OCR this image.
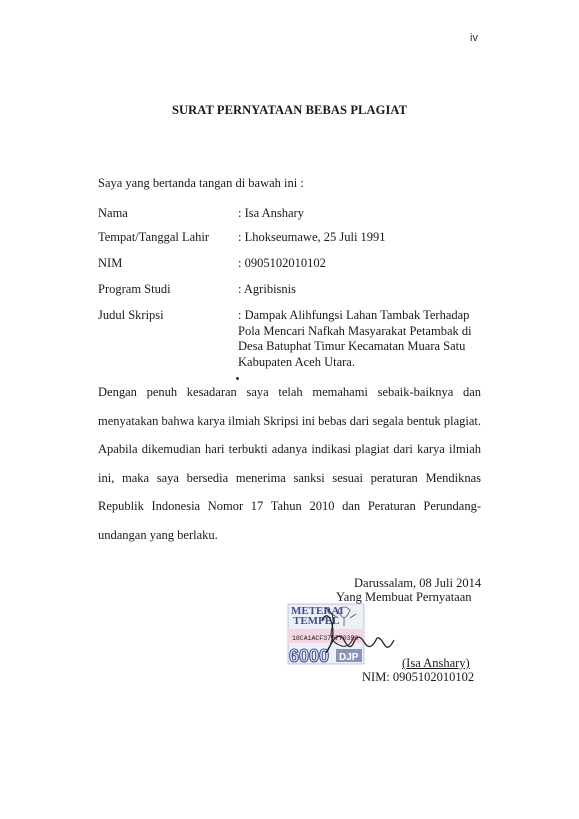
iv
SURAT PERNYATAAN BEBAS PLAGIAT
Saya yang bertanda tangan di bawah ini :
Nama	: Isa Anshary
Tempat/Tanggal Lahir : Lhokseumawe, 25 Juli 1991
NIM	: 0905102010102
Program Studi	: Agribisnis
Judul Skripsi	: Dampak Alihfungsi Lahan Tambak Terhadap Pola Mencari Nafkah Masyarakat Petambak di Desa Batuphat Timur Kecamatan Muara Satu Kabupaten Aceh Utara.

Dengan penuh kesadaran saya telah memahami sebaik-baiknya dan menyatakan bahwa karya ilmiah Skripsi ini bebas dari segala bentuk plagiat. Apabila dikemudian hari terbukti adanya indikasi plagiat dari karya ilmiah ini, maka saya bersedia menerima sanksi sesuai peraturan Mendiknas Republik Indonesia Nomor 17 Tahun 2010 dan Peraturan Perundang-undangan yang berlaku.

Darussalam, 08 Juli 2014
Yang Membuat Pernyataan
METERAI
TEMPEL
18CA1ACF370770350
6000 DJP	(Isa Anshary)
NIM: 0905102010102
